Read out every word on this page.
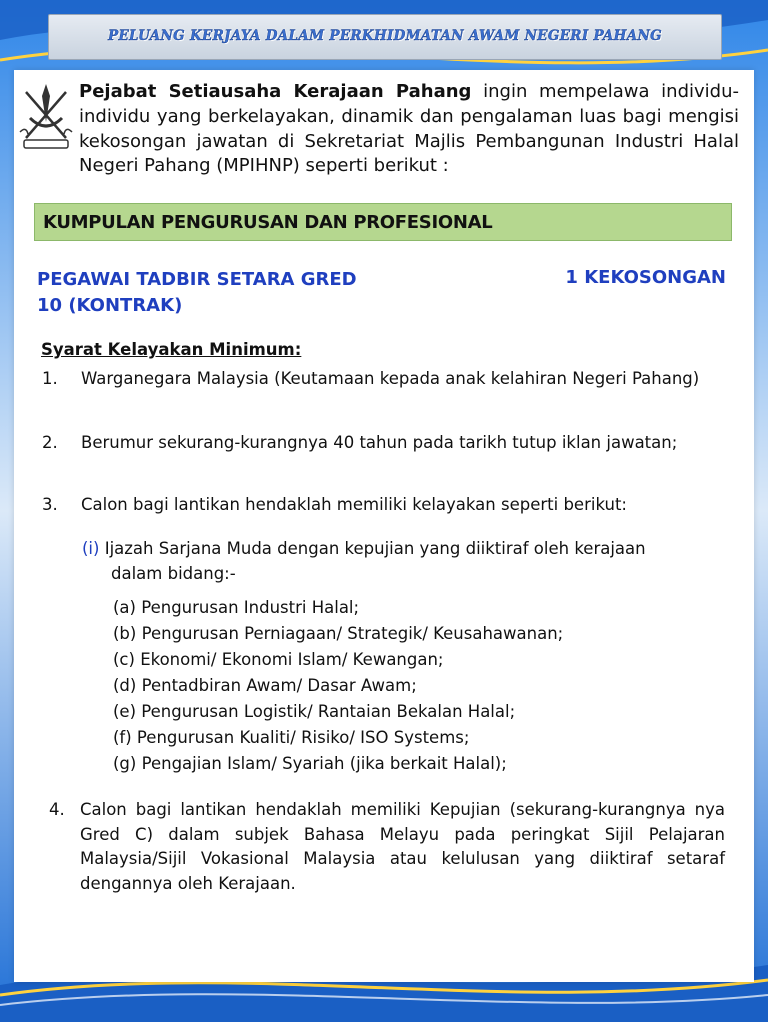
PELUANG KERJAYA DALAM PERKHIDMATAN AWAM NEGERI PAHANG

Pejabat Setiausaha Kerajaan Pahang ingin mempelawa individu-individu yang berkelayakan, dinamik dan pengalaman luas bagi mengisi kekosongan jawatan di Sekretariat Majlis Pembangunan Industri Halal Negeri Pahang (MPIHNP) seperti berikut :

KUMPULAN PENGURUSAN DAN PROFESIONAL

PEGAWAI TADBIR SETARA GRED 10 (KONTRAK)

1 KEKOSONGAN
Syarat Kelayakan Minimum:
1. Warganegara Malaysia (Keutamaan kepada anak kelahiran Negeri Pahang)
2. Berumur sekurang-kurangnya 40 tahun pada tarikh tutup iklan jawatan;
3. Calon bagi lantikan hendaklah memiliki kelayakan seperti berikut:
(i) Ijazah Sarjana Muda dengan kepujian yang diiktiraf oleh kerajaan
dalam bidang:-
(a) Pengurusan Industri Halal;
(b) Pengurusan Perniagaan/ Strategik/ Keusahawanan;
(c) Ekonomi/ Ekonomi Islam/ Kewangan;
(d) Pentadbiran Awam/ Dasar Awam;
(e) Pengurusan Logistik/ Rantaian Bekalan Halal;
(f) Pengurusan Kualiti/ Risiko/ ISO Systems;
(g) Pengajian Islam/ Syariah (jika berkait Halal);
4. Calon bagi lantikan hendaklah memiliki Kepujian (sekurang-kurangnya nya Gred C) dalam subjek Bahasa Melayu pada peringkat Sijil Pelajaran Malaysia/Sijil Vokasional Malaysia atau kelulusan yang diiktiraf setaraf dengannya oleh Kerajaan.
